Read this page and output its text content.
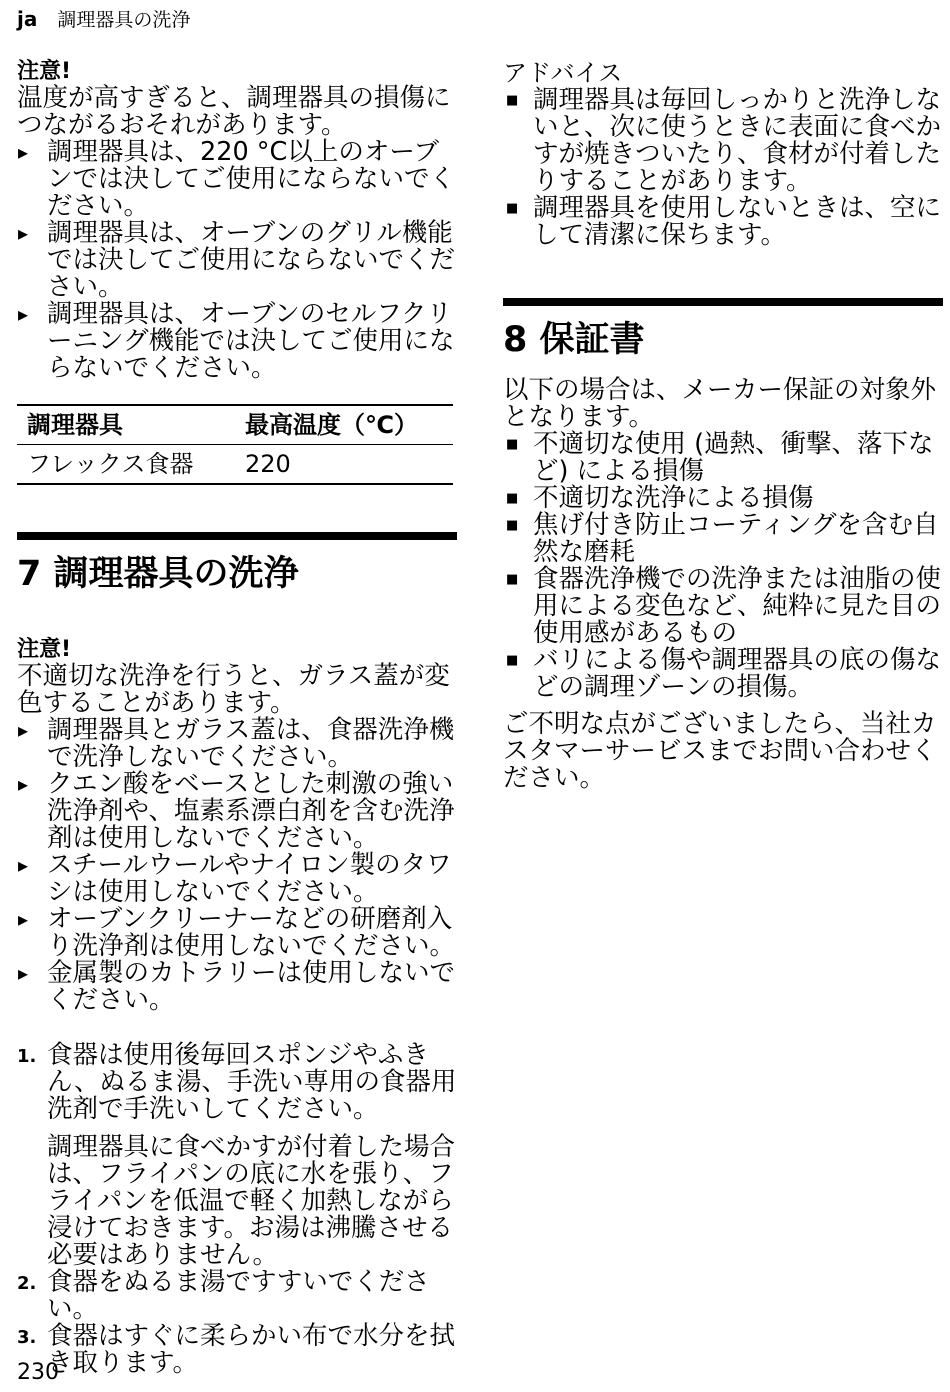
ja 調理器具の洗浄
注意!

温度が高すぎると、調理器具の損傷につながるおそれがあります。

▸ 調理器具は、220 °C以上のオーブンでは決してご使用にならないでください。
▸ 調理器具は、オーブンのグリル機能では決してご使用にならないでください。
▸ 調理器具は、オーブンのセルフクリーニング機能では決してご使用にならないでください。
調理器具	最高温度（℃）
フレックス食器	220
7 調理器具の洗浄
注意!

不適切な洗浄を行うと、ガラス蓋が変色することがあります。

▸ 調理器具とガラス蓋は、食器洗浄機で洗浄しないでください。
▸ クエン酸をベースとした刺激の強い洗浄剤や、塩素系漂白剤を含む洗浄剤は使用しないでください。
▸ スチールウールやナイロン製のタワシは使用しないでください。
▸ オーブンクリーナーなどの研磨剤入り洗浄剤は使用しないでください。
▸ 金属製のカトラリーは使用しないでください。
1. 食器は使用後毎回スポンジやふきん、ぬるま湯、手洗い専用の食器用洗剤で手洗いしてください。
調理器具に食べかすが付着した場合は、フライパンの底に水を張り、フライパンを低温で軽く加熱しながら浸けておきます。お湯は沸騰させる必要はありません。
2. 食器をぬるま湯ですすいでください。
3. 食器はすぐに柔らかい布で水分を拭き取ります。
アドバイス
■ 調理器具は毎回しっかりと洗浄しないと、次に使うときに表面に食べかすが焼きついたり、食材が付着したりすることがあります。
■ 調理器具を使用しないときは、空にして清潔に保ちます。
8 保証書

以下の場合は、メーカー保証の対象外となります。

■ 不適切な使用 (過熱、衝撃、落下など) による損傷
■ 不適切な洗浄による損傷
■ 焦げ付き防止コーティングを含む自然な磨耗
■ 食器洗浄機での洗浄または油脂の使用による変色など、純粋に見た目の使用感があるもの
■ バリによる傷や調理器具の底の傷などの調理ゾーンの損傷。

ご不明な点がございましたら、当社カスタマーサービスまでお問い合わせください。

230
